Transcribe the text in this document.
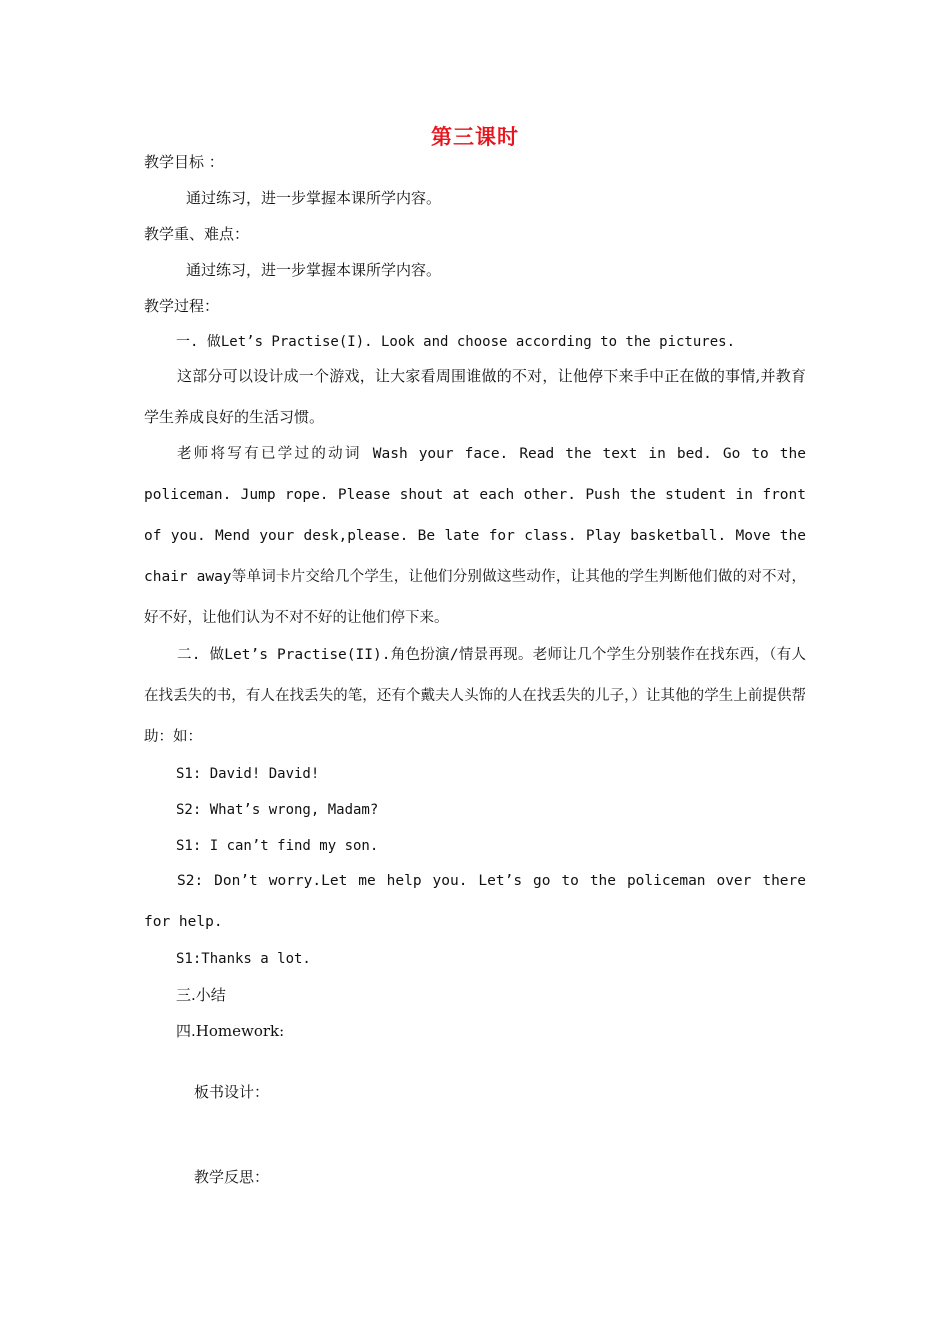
第三课时
教学目标 ：
通过练习，进一步掌握本课所学内容。
教学重、难点：
通过练习，进一步掌握本课所学内容。
教学过程：
一. 做Let’s Practise(I). Look and choose according to the pictures.

这部分可以设计成一个游戏，让大家看周围谁做的不对，让他停下来手中正在做的事情,并教育学生养成良好的生活习惯。

老师将写有已学过的动词 Wash your face. Read the text in bed. Go to the policeman. Jump rope. Please shout at each other. Push the student in front of you. Mend your desk,please. Be late for class. Play basketball. Move the chair away等单词卡片交给几个学生，让他们分别做这些动作，让其他的学生判断他们做的对不对，好不好，让他们认为不对不好的让他们停下来。

二. 做Let’s Practise(II).角色扮演/情景再现。老师让几个学生分别装作在找东西，（有人在找丢失的书，有人在找丢失的笔，还有个戴夫人头饰的人在找丢失的儿子，）让其他的学生上前提供帮助：如：

S1: David! David!
S2: What’s wrong, Madam?
S1: I can’t find my son.

S2: Don’t worry.Let me help you. Let’s go to the policeman over there for help.

S1:Thanks a lot.
三.小结
四.Homework:
板书设计：
教学反思：
